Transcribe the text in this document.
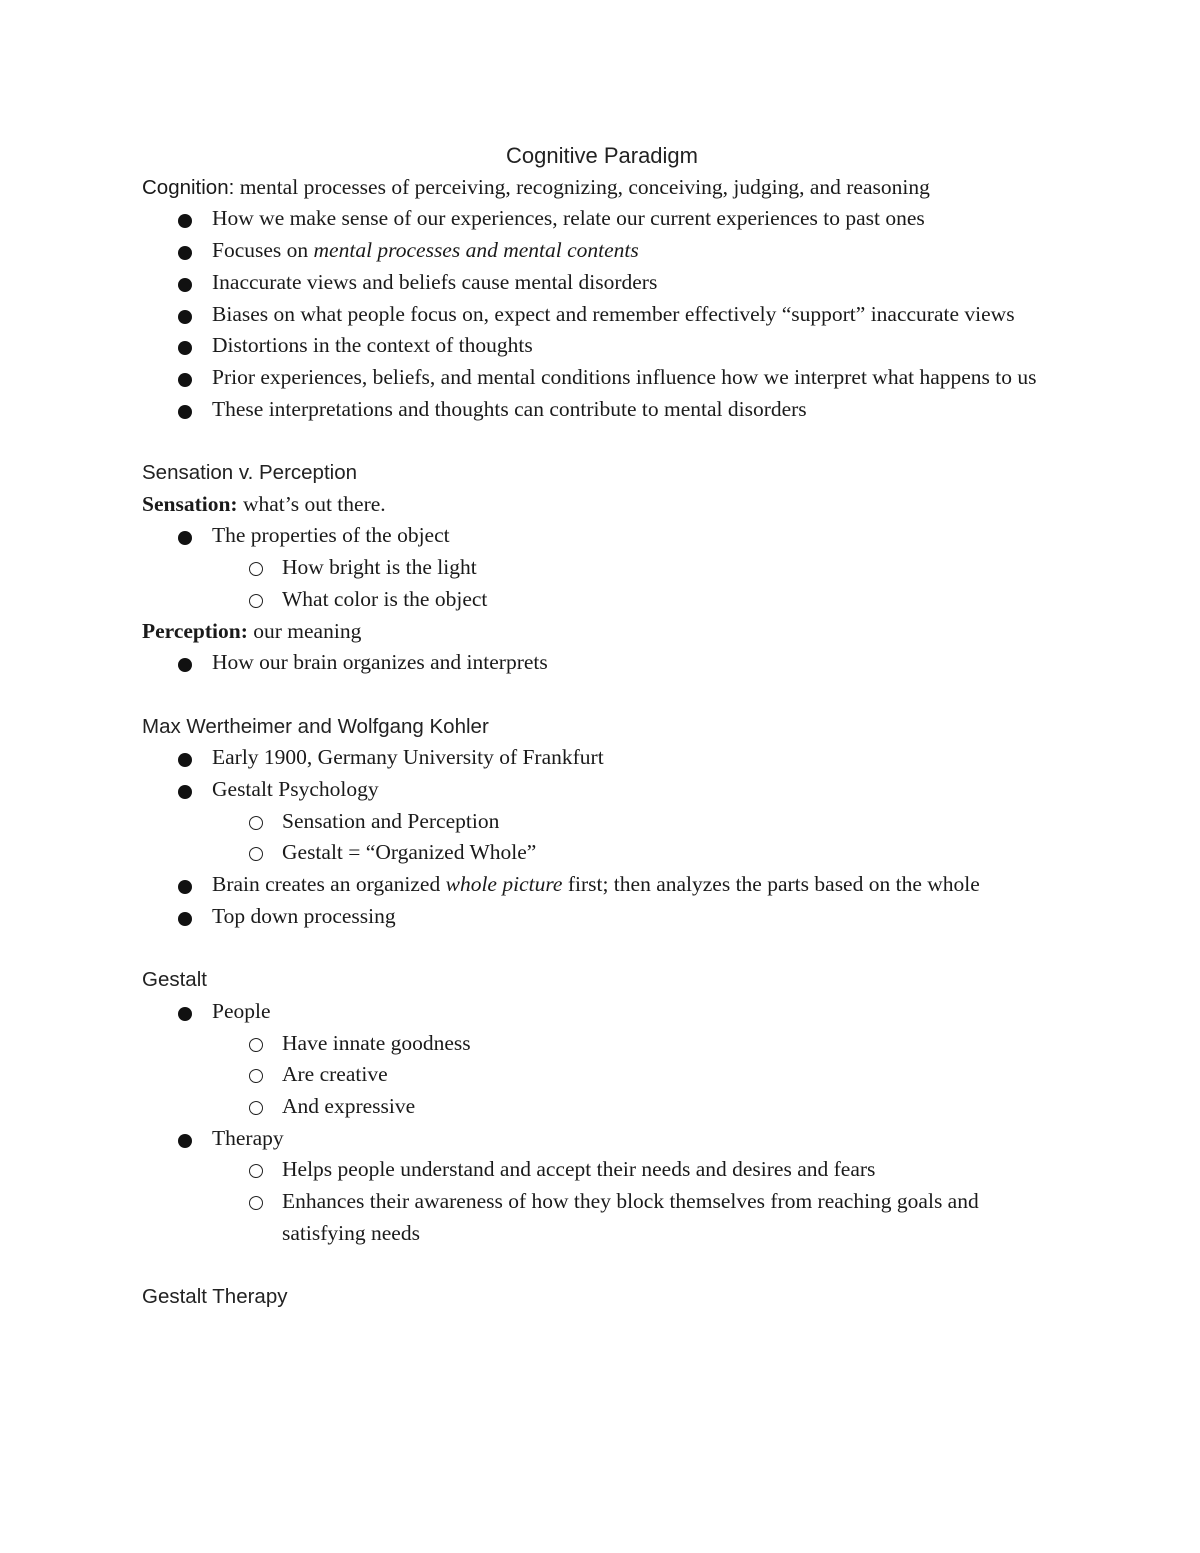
Cognitive Paradigm

Cognition: mental processes of perceiving, recognizing, conceiving, judging, and reasoning

How we make sense of our experiences, relate our current experiences to past ones
Focuses on mental processes and mental contents
Inaccurate views and beliefs cause mental disorders
Biases on what people focus on, expect and remember effectively “support” inaccurate views
Distortions in the context of thoughts
Prior experiences, beliefs, and mental conditions influence how we interpret what happens to us
These interpretations and thoughts can contribute to mental disorders

Sensation v. Perception

Sensation: what’s out there.

The properties of the object
How bright is the light
What color is the object

Perception: our meaning

How our brain organizes and interprets

Max Wertheimer and Wolfgang Kohler

Early 1900, Germany University of Frankfurt
Gestalt Psychology
Sensation and Perception
Gestalt = “Organized Whole”
Brain creates an organized whole picture first; then analyzes the parts based on the whole
Top down processing

Gestalt

People
Have innate goodness
Are creative
And expressive
Therapy
Helps people understand and accept their needs and desires and fears
Enhances their awareness of how they block themselves from reaching goals and satisfying needs

Gestalt Therapy
